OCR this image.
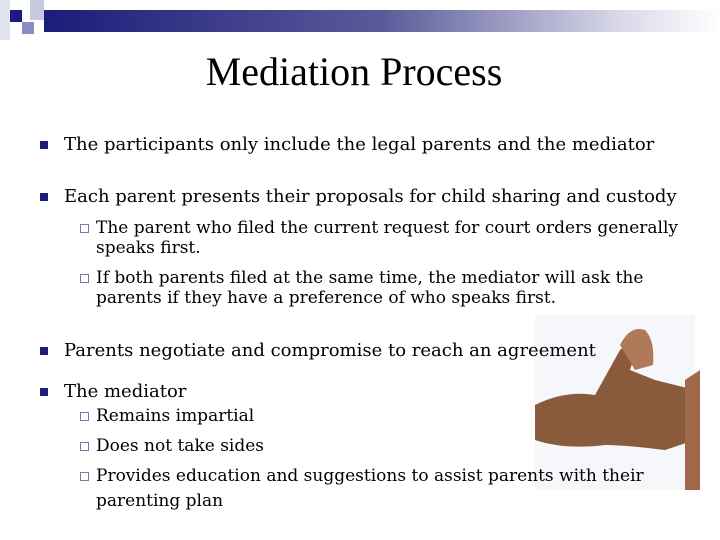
Mediation Process
The participants only include the legal parents and the mediator
Each parent presents their proposals for child sharing and custody
The parent who filed the current request for court orders generally speaks first.
If both parents filed at the same time, the mediator will ask the parents if they have a preference of who speaks first.
Parents negotiate and compromise to reach an agreement
The mediator
Remains impartial
Does not take sides
Provides education and suggestions to assist parents with their parenting plan
